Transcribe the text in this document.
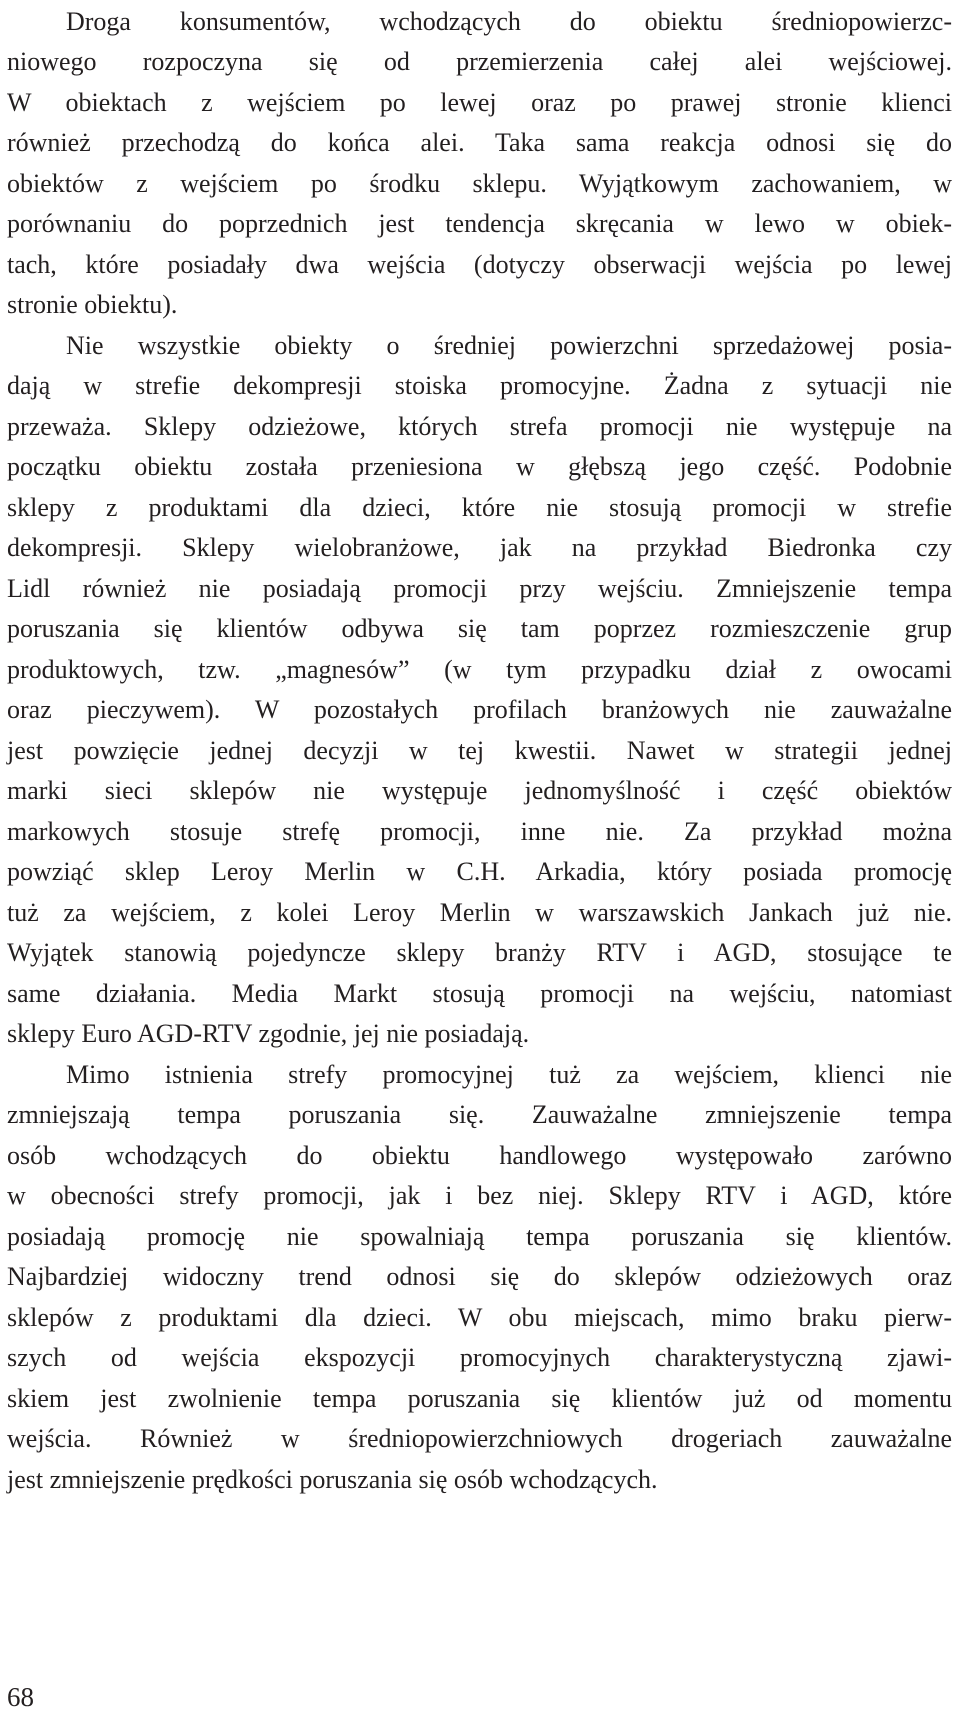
Droga konsumentów, wchodzących do obiektu średniopowierzc-
niowego rozpoczyna się od przemierzenia całej alei wejściowej.
W obiektach z wejściem po lewej oraz po prawej stronie klienci
również przechodzą do końca alei. Taka sama reakcja odnosi się do
obiektów z wejściem po środku sklepu. Wyjątkowym zachowaniem, w
porównaniu do poprzednich jest tendencja skręcania w lewo w obiek-
tach, które posiadały dwa wejścia (dotyczy obserwacji wejścia po lewej
stronie obiektu).
Nie wszystkie obiekty o średniej powierzchni sprzedażowej posia-
dają w strefie dekompresji stoiska promocyjne. Żadna z sytuacji nie
przeważa. Sklepy odzieżowe, których strefa promocji nie występuje na
początku obiektu została przeniesiona w głębszą jego część. Podobnie
sklepy z produktami dla dzieci, które nie stosują promocji w strefie
dekompresji. Sklepy wielobranżowe, jak na przykład Biedronka czy
Lidl również nie posiadają promocji przy wejściu. Zmniejszenie tempa
poruszania się klientów odbywa się tam poprzez rozmieszczenie grup
produktowych, tzw. „magnesów” (w tym przypadku dział z owocami
oraz pieczywem). W pozostałych profilach branżowych nie zauważalne
jest powzięcie jednej decyzji w tej kwestii. Nawet w strategii jednej
marki sieci sklepów nie występuje jednomyślność i część obiektów
markowych stosuje strefę promocji, inne nie. Za przykład można
powziąć sklep Leroy Merlin w C.H. Arkadia, który posiada promocję
tuż za wejściem, z kolei Leroy Merlin w warszawskich Jankach już nie.
Wyjątek stanowią pojedyncze sklepy branży RTV i AGD, stosujące te
same działania. Media Markt stosują promocji na wejściu, natomiast
sklepy Euro AGD-RTV zgodnie, jej nie posiadają.
Mimo istnienia strefy promocyjnej tuż za wejściem, klienci nie
zmniejszają tempa poruszania się. Zauważalne zmniejszenie tempa
osób wchodzących do obiektu handlowego występowało zarówno
w obecności strefy promocji, jak i bez niej. Sklepy RTV i AGD, które
posiadają promocję nie spowalniają tempa poruszania się klientów.
Najbardziej widoczny trend odnosi się do sklepów odzieżowych oraz
sklepów z produktami dla dzieci. W obu miejscach, mimo braku pierw-
szych od wejścia ekspozycji promocyjnych charakterystyczną zjawi-
skiem jest zwolnienie tempa poruszania się klientów już od momentu
wejścia. Również w średniopowierzchniowych drogeriach zauważalne
jest zmniejszenie prędkości poruszania się osób wchodzących.
68
